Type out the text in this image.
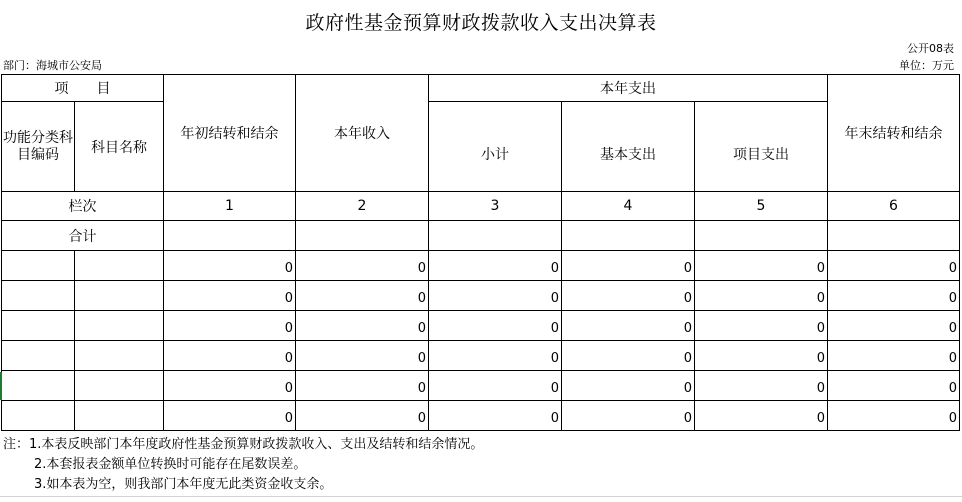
政府性基金预算财政拨款收入支出决算表
公开08表
部门：海城市公安局	单位：万元
项　　目		年初结转和结余	本年收入	本年支出			年末结转和结余
功能分类科目编码	科目名称			小计	基本支出	项目支出	
栏次		1	2	3	4	5	6
合计							
		0	0	0	0	0	0
		0	0	0	0	0	0
		0	0	0	0	0	0
		0	0	0	0	0	0
		0	0	0	0	0	0
		0	0	0	0	0	0
注：1.本表反映部门本年度政府性基金预算财政拨款收入、支出及结转和结余情况。
2.本套报表金额单位转换时可能存在尾数误差。
3.如本表为空，则我部门本年度无此类资金收支余。
